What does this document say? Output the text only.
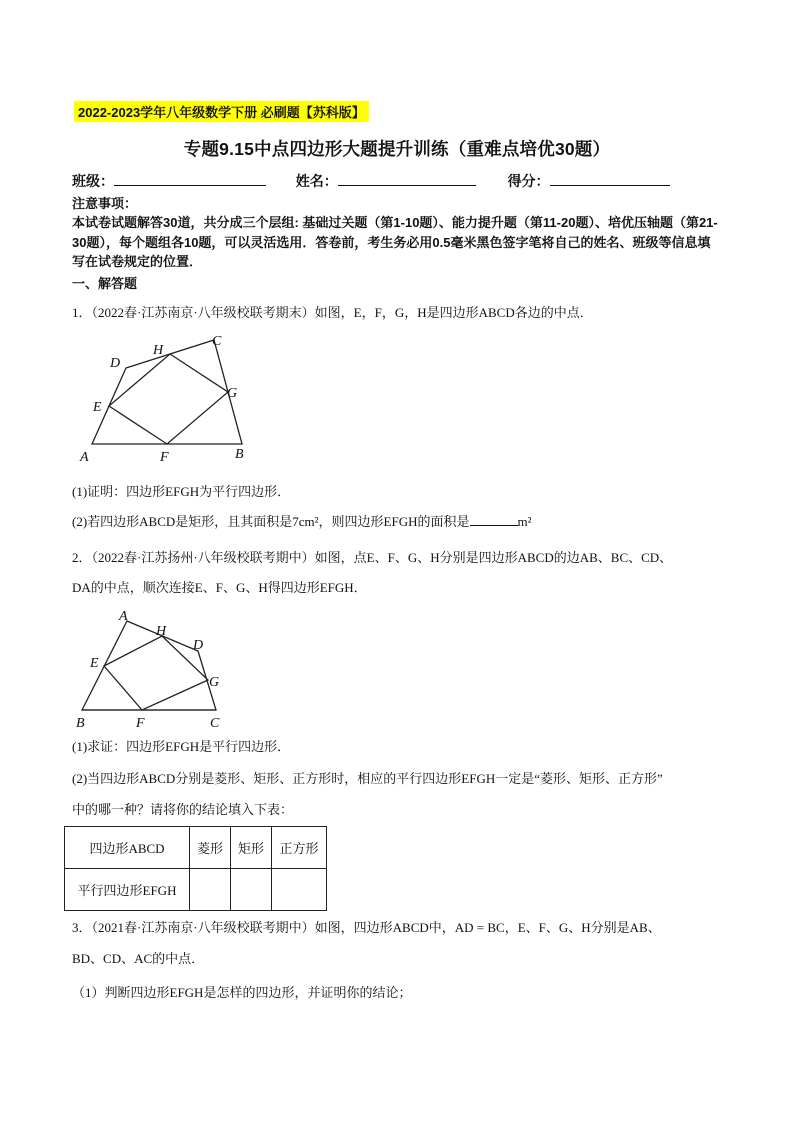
2022-2023学年八年级数学下册 必刷题【苏科版】
专题9.15中点四边形大题提升训练（重难点培优30题）
班级：	姓名：	得分：
注意事项：
本试卷试题解答30道，共分成三个层组: 基础过关题（第1-10题）、能力提升题（第11-20题）、培优压轴题（第21-30题），每个题组各10题，可以灵活选用．答卷前，考生务必用0.5毫米黑色签字笔将自己的姓名、班级等信息填写在试卷规定的位置．
一、解答题
1．（2022春·江苏南京·八年级校联考期末）如图，E，F，G，H是四边形ABCD各边的中点．
A	B
C
D
E
F
G
H
(1)证明：四边形EFGH为平行四边形．
(2)若四边形ABCD是矩形，且其面积是7cm²，则四边形EFGH的面积是	m²
2．（2022春·江苏扬州·八年级校联考期中）如图，点E、F、G、H分别是四边形ABCD的边AB、BC、CD、
DA的中点，顺次连接E、F、G、H得四边形EFGH．
B	C
A
D
E
F
G
H
(1)求证：四边形EFGH是平行四边形．
(2)当四边形ABCD分别是菱形、矩形、正方形时，相应的平行四边形EFGH一定是“菱形、矩形、正方形”
中的哪一种？请将你的结论填入下表：
四边形ABCD	菱形	矩形	正方形
平行四边形EFGH			
3．（2021春·江苏南京·八年级校联考期中）如图，四边形ABCD中，AD = BC，E、F、G、H分别是AB、
BD、CD、AC的中点．
（1）判断四边形EFGH是怎样的四边形，并证明你的结论；
